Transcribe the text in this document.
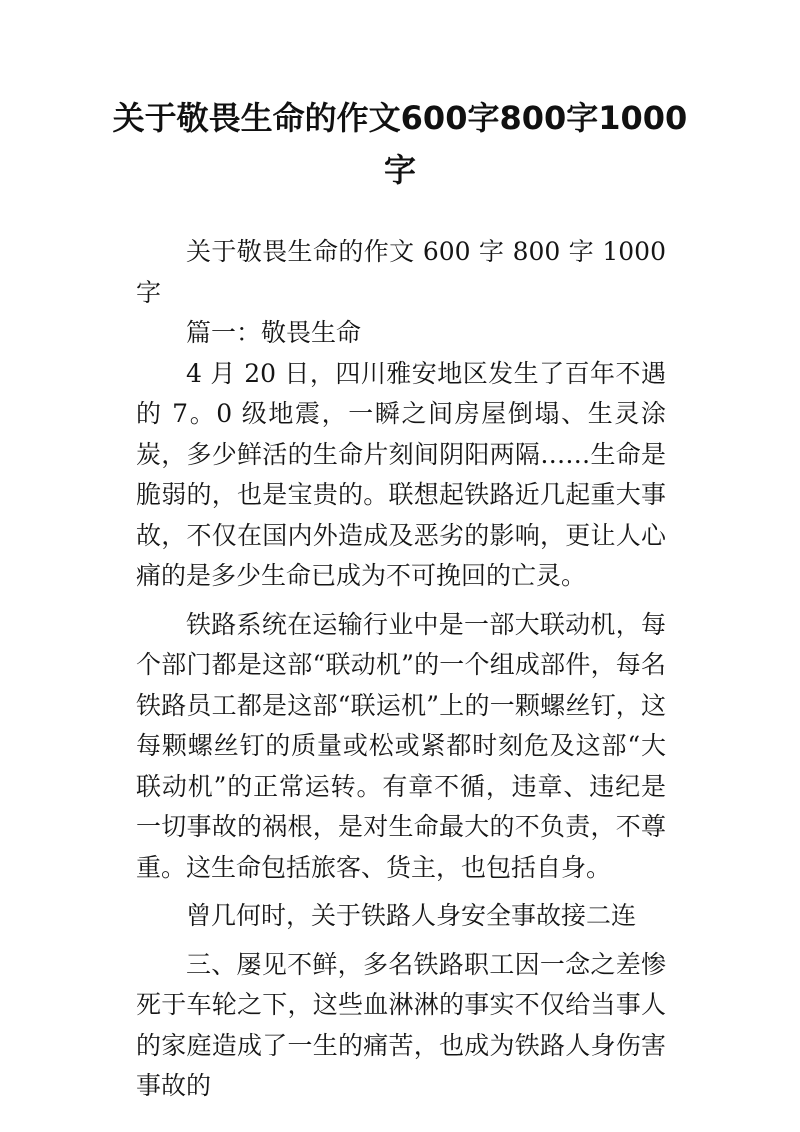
关于敬畏生命的作文600字800字1000字

关于敬畏生命的作文 600 字 800 字 1000 字

篇一：敬畏生命

4 月 20 日，四川雅安地区发生了百年不遇的 7。0 级地震，一瞬之间房屋倒塌、生灵涂炭，多少鲜活的生命片刻间阴阳两隔……生命是脆弱的，也是宝贵的。联想起铁路近几起重大事故，不仅在国内外造成及恶劣的影响，更让人心痛的是多少生命已成为不可挽回的亡灵。

铁路系统在运输行业中是一部大联动机，每个部门都是这部“联动机”的一个组成部件，每名铁路员工都是这部“联运机”上的一颗螺丝钉，这每颗螺丝钉的质量或松或紧都时刻危及这部“大联动机”的正常运转。有章不循，违章、违纪是一切事故的祸根，是对生命最大的不负责，不尊重。这生命包括旅客、货主，也包括自身。

曾几何时，关于铁路人身安全事故接二连

三、屡见不鲜，多名铁路职工因一念之差惨死于车轮之下，这些血淋淋的事实不仅给当事人的家庭造成了一生的痛苦，也成为铁路人身伤害事故的
